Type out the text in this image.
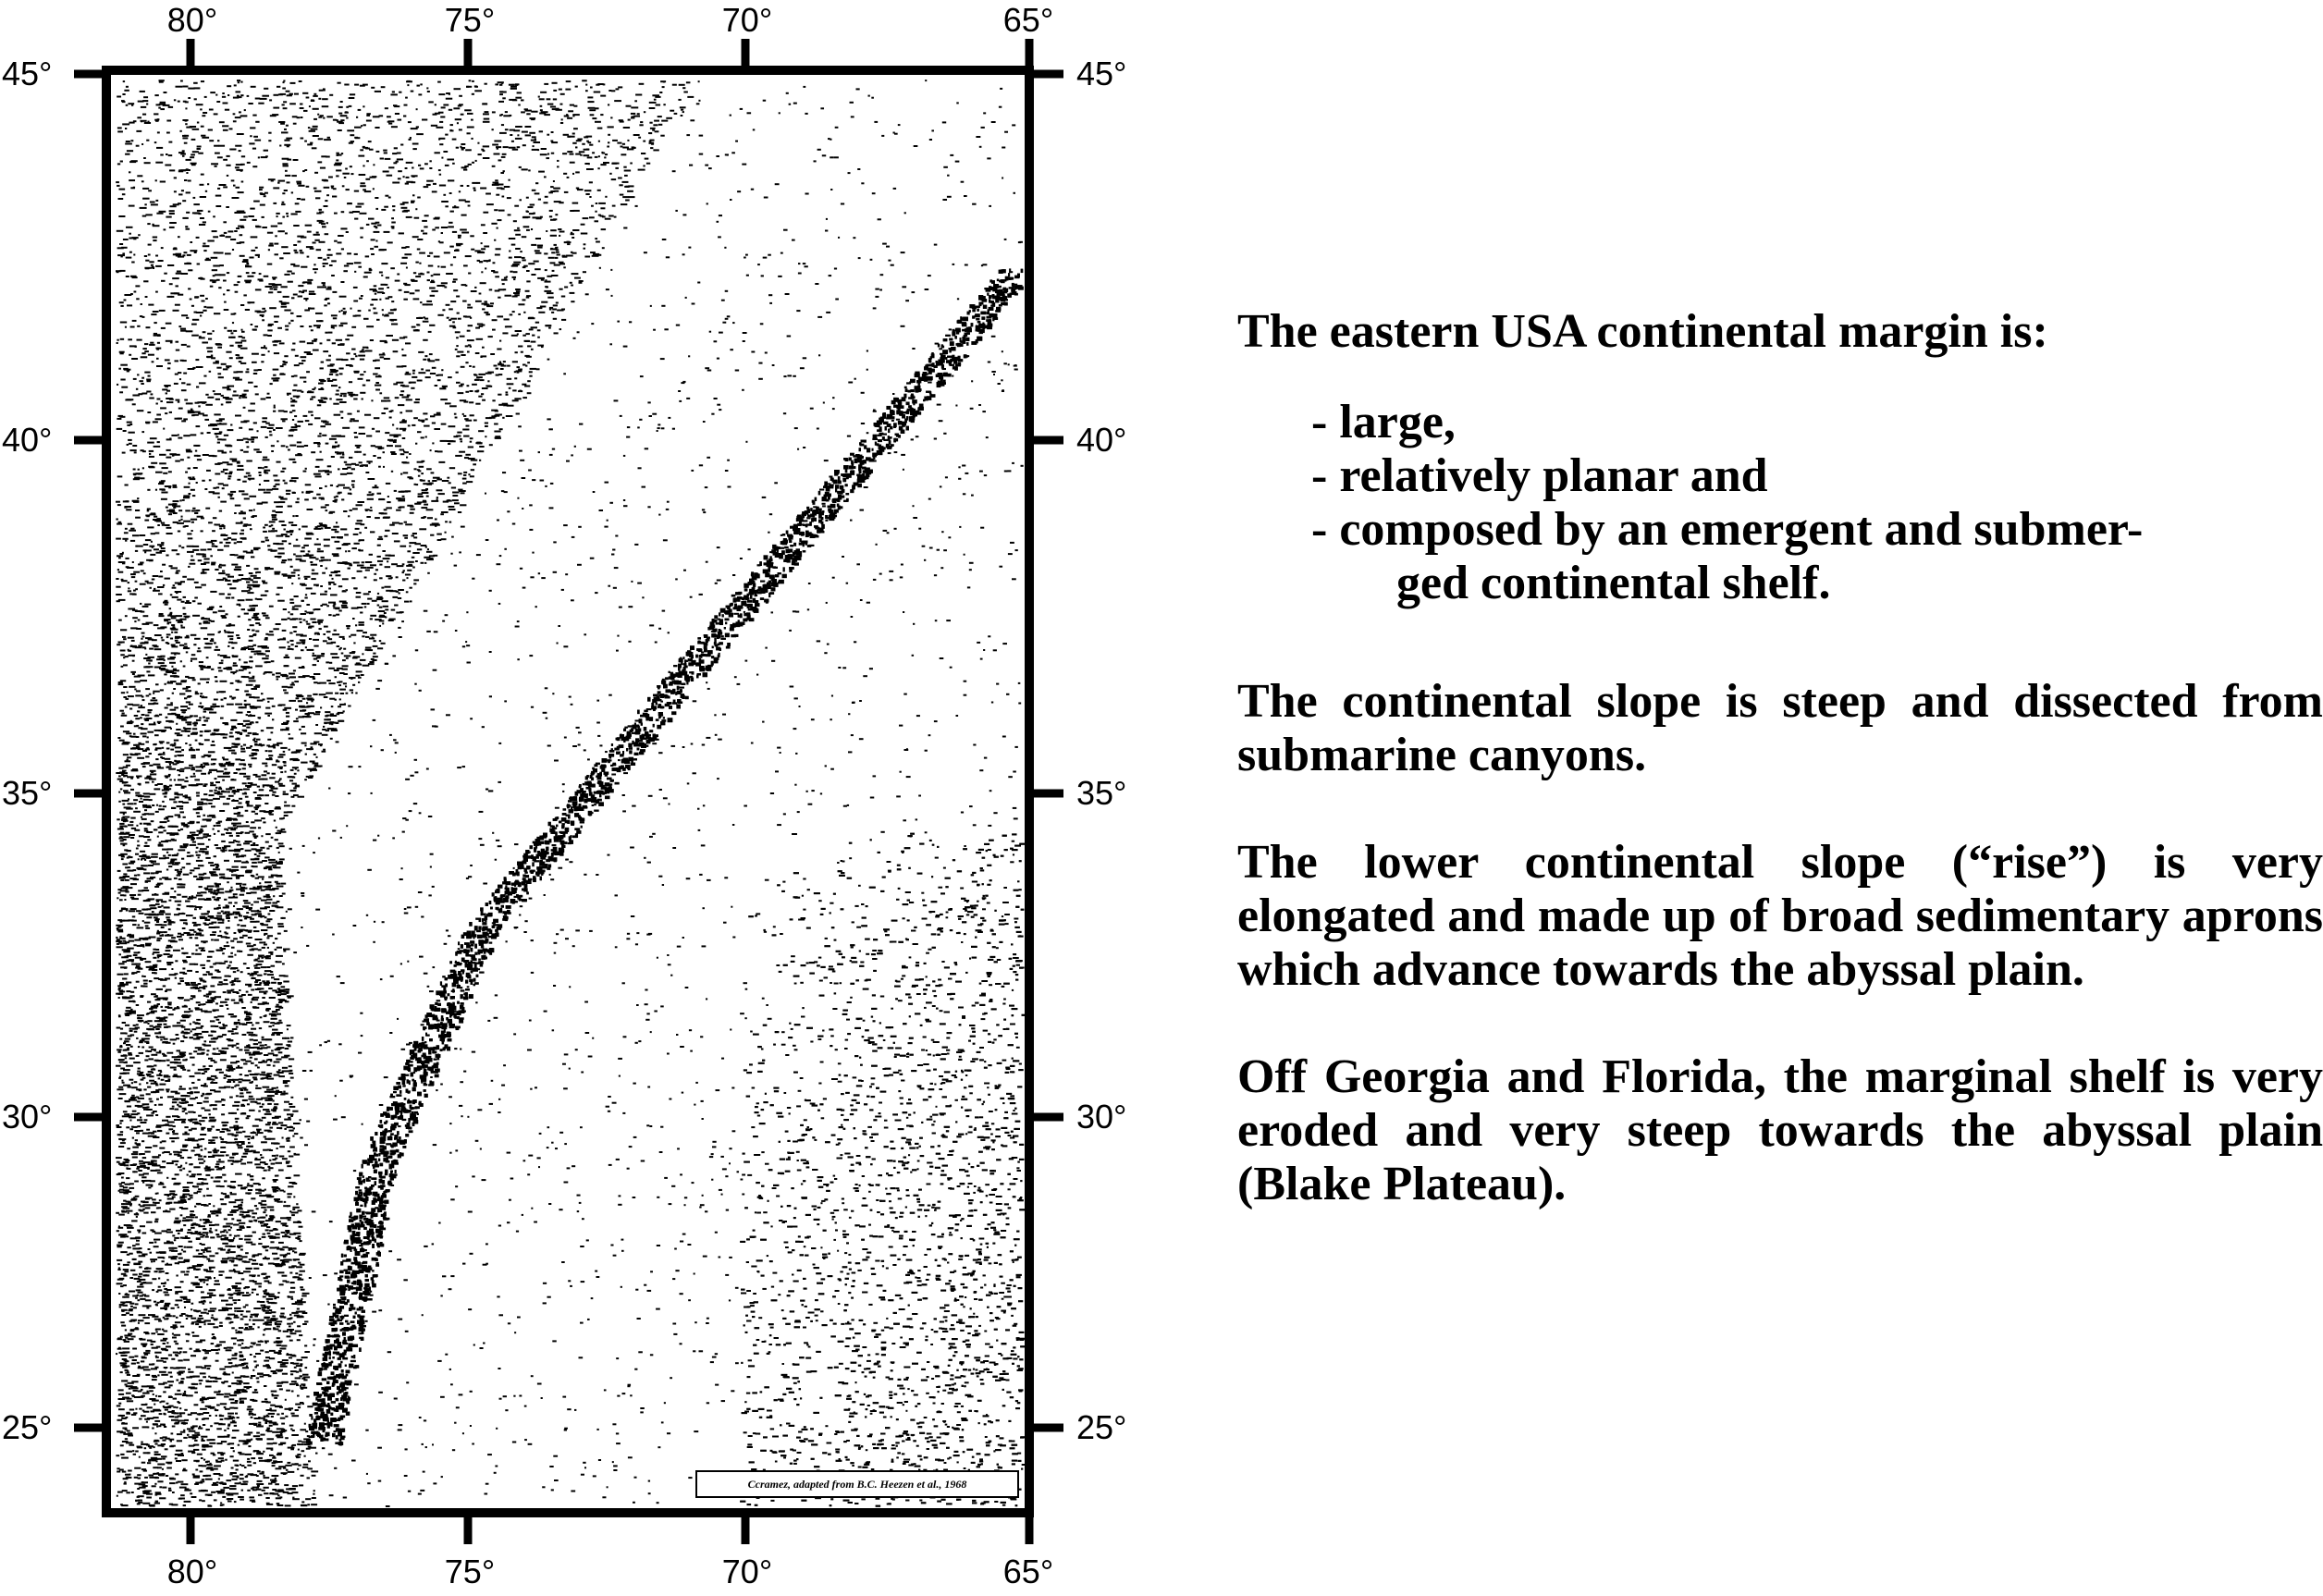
80°	75°	70°	65°
80°	75°	70°	65°
45°
40°
35°
30°
25°
45°
40°
35°
30°
25°
Ccramez, adapted from B.C. Heezen et al., 1968

The eastern USA continental margin is:

- large,
- relatively planar and
- composed by an emergent and submer-
ged continental shelf.

The continental slope is steep and dissected from submarine canyons.

The lower continental slope (“rise”) is very elongated and made up of broad sedimentary aprons which advance towards the abyssal plain.

Off Georgia and Florida, the marginal shelf is very eroded and very steep towards the abyssal plain (Blake Plateau).
